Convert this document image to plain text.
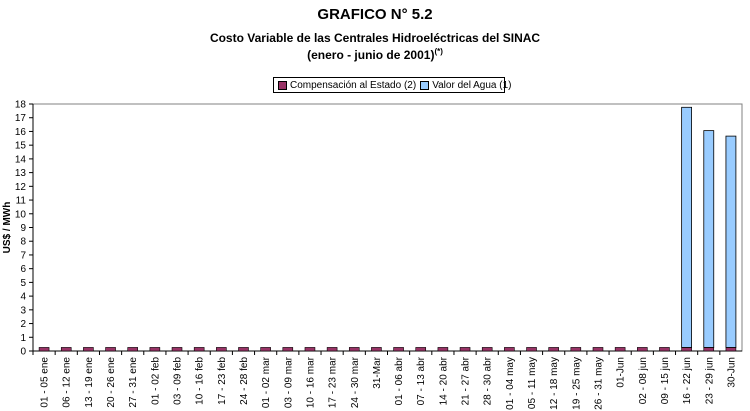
GRAFICO N° 5.2
Costo Variable de las Centrales Hidroeléctricas del SINAC
(enero - junio de 2001)(*)
Compensación al Estado (2) Valor del Agua (1)
0
1
2
3
4
5
6
7
8
9
10
11
12
13
14
15
16
17
18
US$ / MWh
01 - 05 ene 06 - 12 ene 13 - 19 ene 20 - 26 ene 27 - 31 ene 01 - 02 feb 03 - 09 feb 10 - 16 feb 17 - 23 feb 24 - 28 feb 01 - 02 mar 03 - 09 mar 10 - 16 mar 17 - 23 mar 24 - 30 mar 31-Mar 01 - 06 abr 07 - 13 abr 14 - 20 abr 21 - 27 abr 28 - 30 abr 01 - 04 may 05 - 11 may 12 - 18 may 19 - 25 may 26 - 31 may 01-Jun 02 - 08 jun 09 - 15 jun 16 - 22 jun 23 - 29 jun 30-Jun
